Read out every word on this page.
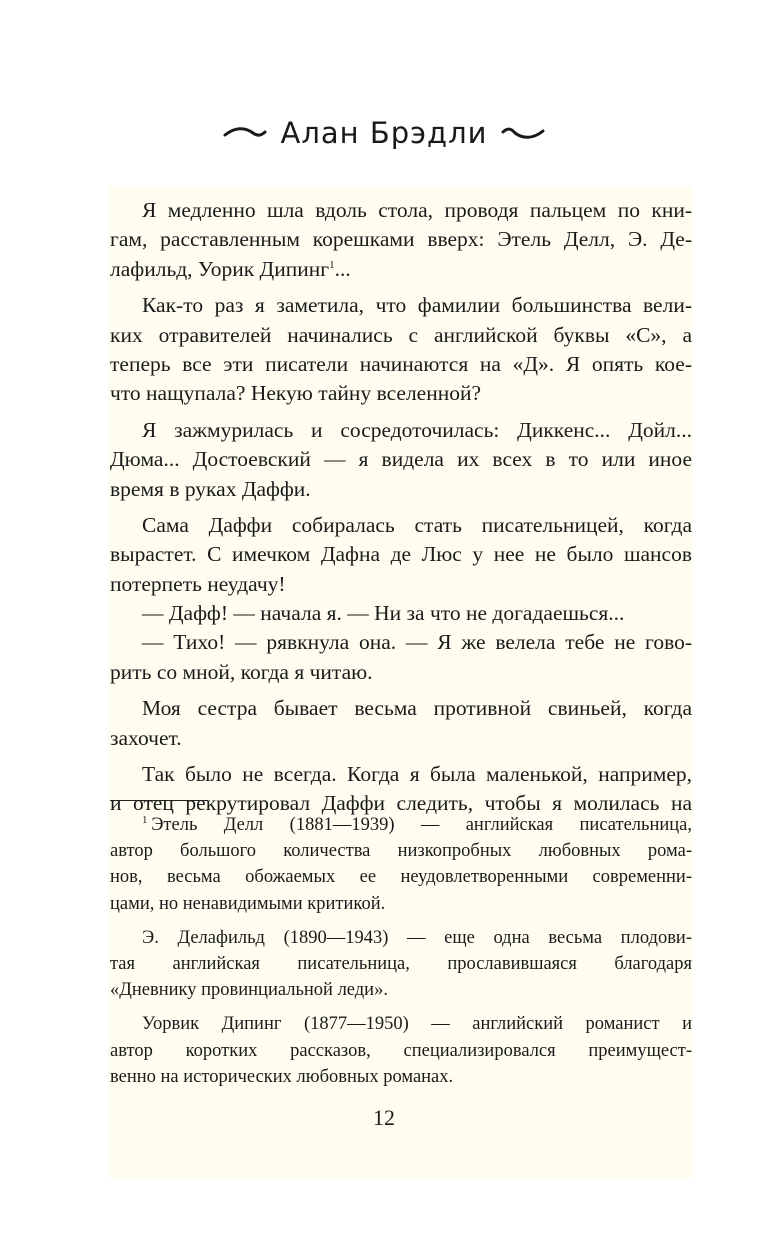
Алан Брэдли
Я медленно шла вдоль стола, проводя пальцем по кни-
гам, расставленным корешками вверх: Этель Делл, Э. Де-
лафильд, Уорик Дипинг$^1$...
Как-то раз я заметила, что фамилии большинства вели-
ких отравителей начинались с английской буквы «С», а
теперь все эти писатели начинаются на «Д». Я опять кое-
что нащупала? Некую тайну вселенной?
Я зажмурилась и сосредоточилась: Диккенс... Дойл...
Дюма... Достоевский — я видела их всех в то или иное
время в руках Даффи.
Сама Даффи собиралась стать писательницей, когда
вырастет. С имечком Дафна де Люс у нее не было шансов
потерпеть неудачу!
— Дафф! — начала я. — Ни за что не догадаешься...
— Тихо! — рявкнула она. — Я же велела тебе не гово-
рить со мной, когда я читаю.
Моя сестра бывает весьма противной свиньей, когда
захочет.
Так было не всегда. Когда я была маленькой, например,
и отец рекрутировал Даффи следить, чтобы я молилась на
$^1$  Этель Делл (1881—1939) — английская писательница,
автор большого количества низкопробных любовных рома-
нов, весьма обожаемых ее неудовлетворенными современни-
цами, но ненавидимыми критикой.
Э. Делафильд (1890—1943) — еще одна весьма плодови-
тая английская писательница, прославившаяся благодаря
«Дневнику провинциальной леди».
Уорвик Дипинг (1877—1950) — английский романист и
автор коротких рассказов, специализировался преимущест-
венно на исторических любовных романах.
12
